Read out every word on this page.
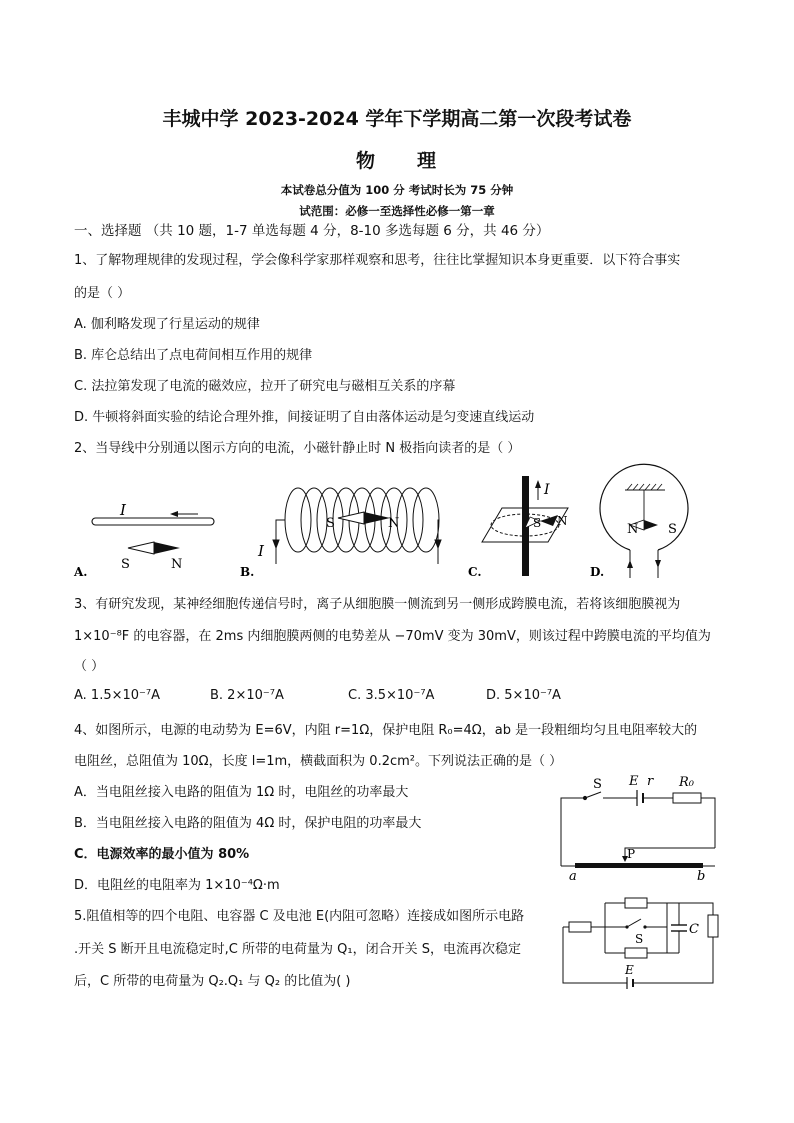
丰城中学 2023-2024 学年下学期高二第一次段考试卷
物 理
本试卷总分值为 100 分 考试时长为 75 分钟
试范围：必修一至选择性必修一第一章
一、选择题 （共 10 题，1-7 单选每题 4 分，8-10 多选每题 6 分，共 46 分）
1、了解物理规律的发现过程，学会像科学家那样观察和思考，往往比掌握知识本身更重要．以下符合事实
的是（ ）
A. 伽利略发现了行星运动的规律
B. 库仑总结出了点电荷间相互作用的规律
C. 法拉第发现了电流的磁效应，拉开了研究电与磁相互关系的序幕
D. 牛顿将斜面实验的结论合理外推，间接证明了自由落体运动是匀变速直线运动
2、当导线中分别通以图示方向的电流，小磁针静止时 N 极指向读者的是（ ）
I
S	N
A.
S	N
I
B.
I
S N
C.
N S
D.
3、有研究发现，某神经细胞传递信号时，离子从细胞膜一侧流到另一侧形成跨膜电流，若将该细胞膜视为
1×10⁻⁸F 的电容器，在 2ms 内细胞膜两侧的电势差从 −70mV 变为 30mV，则该过程中跨膜电流的平均值为
（ ）
A. 1.5×10⁻⁷A	B. 2×10⁻⁷A	C. 3.5×10⁻⁷A	D. 5×10⁻⁷A
4、如图所示，电源的电动势为 E=6V，内阻 r=1Ω，保护电阻 R₀=4Ω，ab 是一段粗细均匀且电阻率较大的
电阻丝，总阻值为 10Ω，长度 l=1m，横截面积为 0.2cm²。下列说法正确的是（ ）
A．当电阻丝接入电路的阻值为 1Ω 时，电阻丝的功率最大
B．当电阻丝接入电路的阻值为 4Ω 时，保护电阻的功率最大
C．电源效率的最小值为 80%
D．电阻丝的电阻率为 1×10⁻⁴Ω·m
S E r R₀
P
a	b
5.阻值相等的四个电阻、电容器 C 及电池 E(内阻可忽略）连接成如图所示电路
.开关 S 断开且电流稳定时,C 所带的电荷量为 Q₁，闭合开关 S，电流再次稳定
后，C 所带的电荷量为 Q₂.Q₁ 与 Q₂ 的比值为( )
S
C
E
